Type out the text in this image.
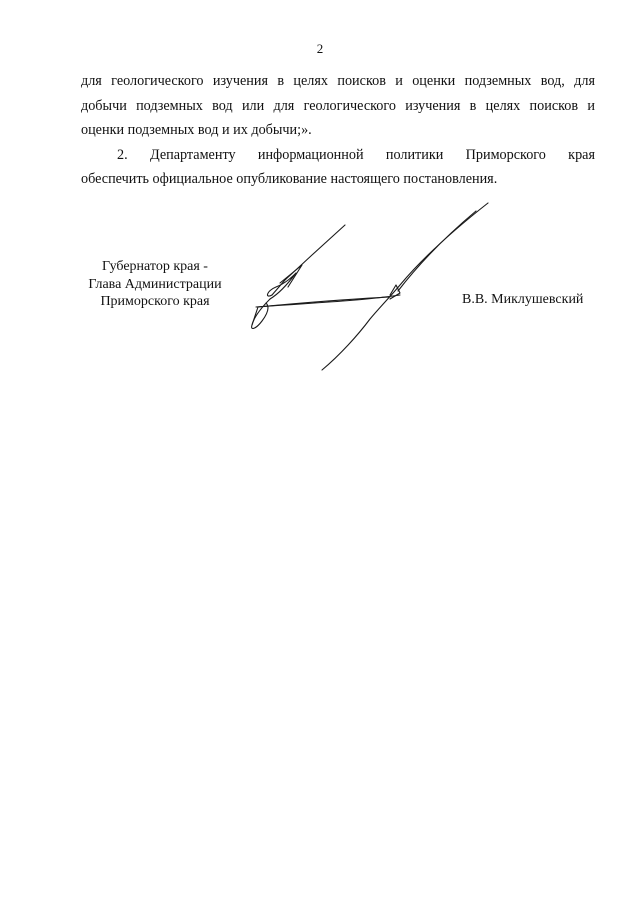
2
для геологического изучения в целях поисков и оценки подземных вод, для
добычи подземных вод или для геологического изучения в целях поисков и
оценки подземных вод и их добычи;».
2. Департаменту информационной политики Приморского края
обеспечить официальное опубликование настоящего постановления.
Губернатор края -
Глава Администрации
Приморского края	В.В. Миклушевский
